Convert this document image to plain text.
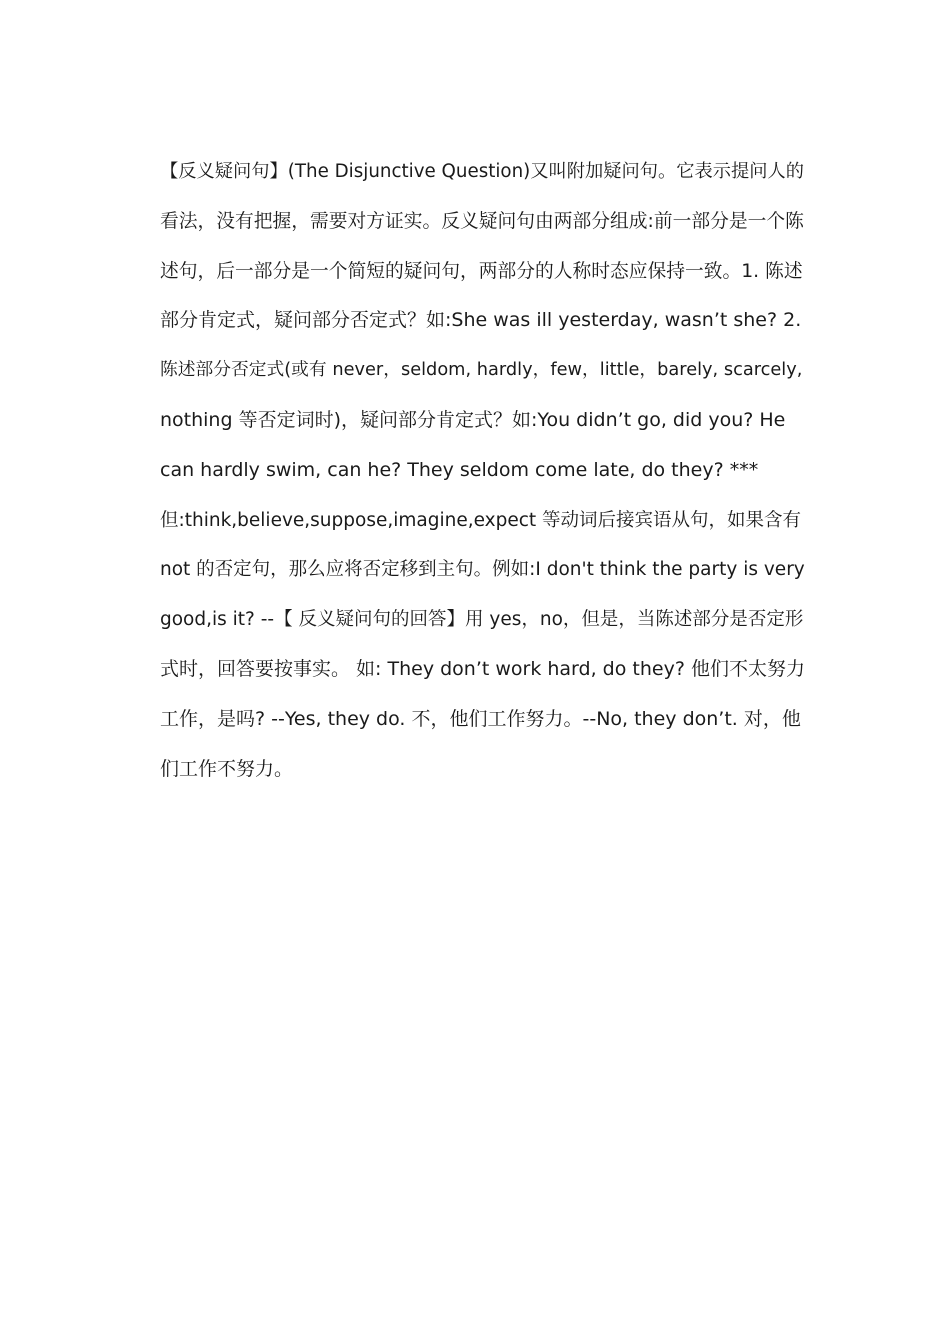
【反义疑问句】(The Disjunctive Question)又叫附加疑问句。它表示提问人的
看法，没有把握，需要对方证实。反义疑问句由两部分组成:前一部分是一个陈
述句，后一部分是一个简短的疑问句，两部分的人称时态应保持一致。1. 陈述
部分肯定式，疑问部分否定式？如:She was ill yesterday, wasn’t she? 2.
陈述部分否定式(或有 never，seldom, hardly，few，little，barely, scarcely,
nothing 等否定词时)，疑问部分肯定式？如:You didn’t go, did you? He
can hardly swim, can he? They seldom come late, do they? ***
但:think,believe,suppose,imagine,expect 等动词后接宾语从句，如果含有
not 的否定句，那么应将否定移到主句。例如:I don't think the party is very
good,is it? --【 反义疑问句的回答】用 yes，no，但是，当陈述部分是否定形
式时，回答要按事实。 如: They don’t work hard, do they? 他们不太努力
工作，是吗? --Yes, they do. 不，他们工作努力。--No, they don’t. 对，他
们工作不努力。
